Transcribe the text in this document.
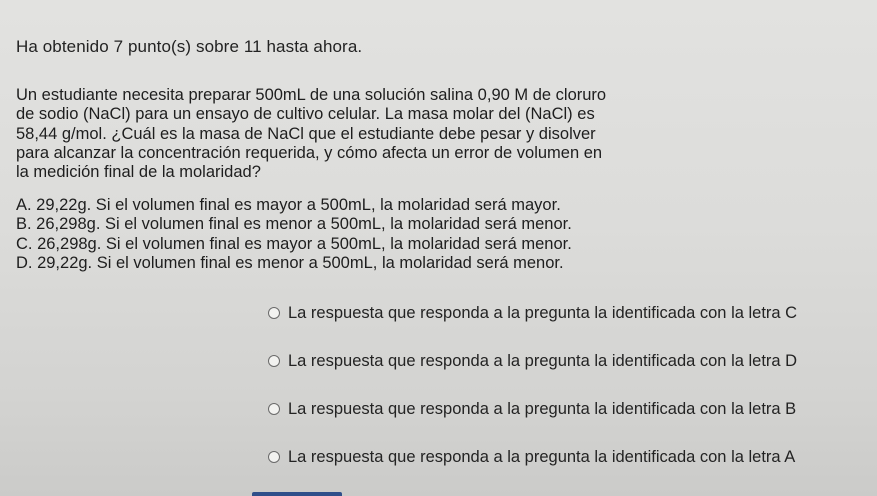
Ha obtenido 7 punto(s) sobre 11 hasta ahora.
Un estudiante necesita preparar 500mL de una solución salina 0,90 M de cloruro
de sodio (NaCl) para un ensayo de cultivo celular. La masa molar del (NaCl) es
58,44 g/mol. ¿Cuál es la masa de NaCl que el estudiante debe pesar y disolver
para alcanzar la concentración requerida, y cómo afecta un error de volumen en
la medición final de la molaridad?
A. 29,22g. Si el volumen final es mayor a 500mL, la molaridad será mayor.
B. 26,298g. Si el volumen final es menor a 500mL, la molaridad será menor.
C. 26,298g. Si el volumen final es mayor a 500mL, la molaridad será menor.
D. 29,22g. Si el volumen final es menor a 500mL, la molaridad será menor.
La respuesta que responda a la pregunta la identificada con la letra C
La respuesta que responda a la pregunta la identificada con la letra D
La respuesta que responda a la pregunta la identificada con la letra B
La respuesta que responda a la pregunta la identificada con la letra A
